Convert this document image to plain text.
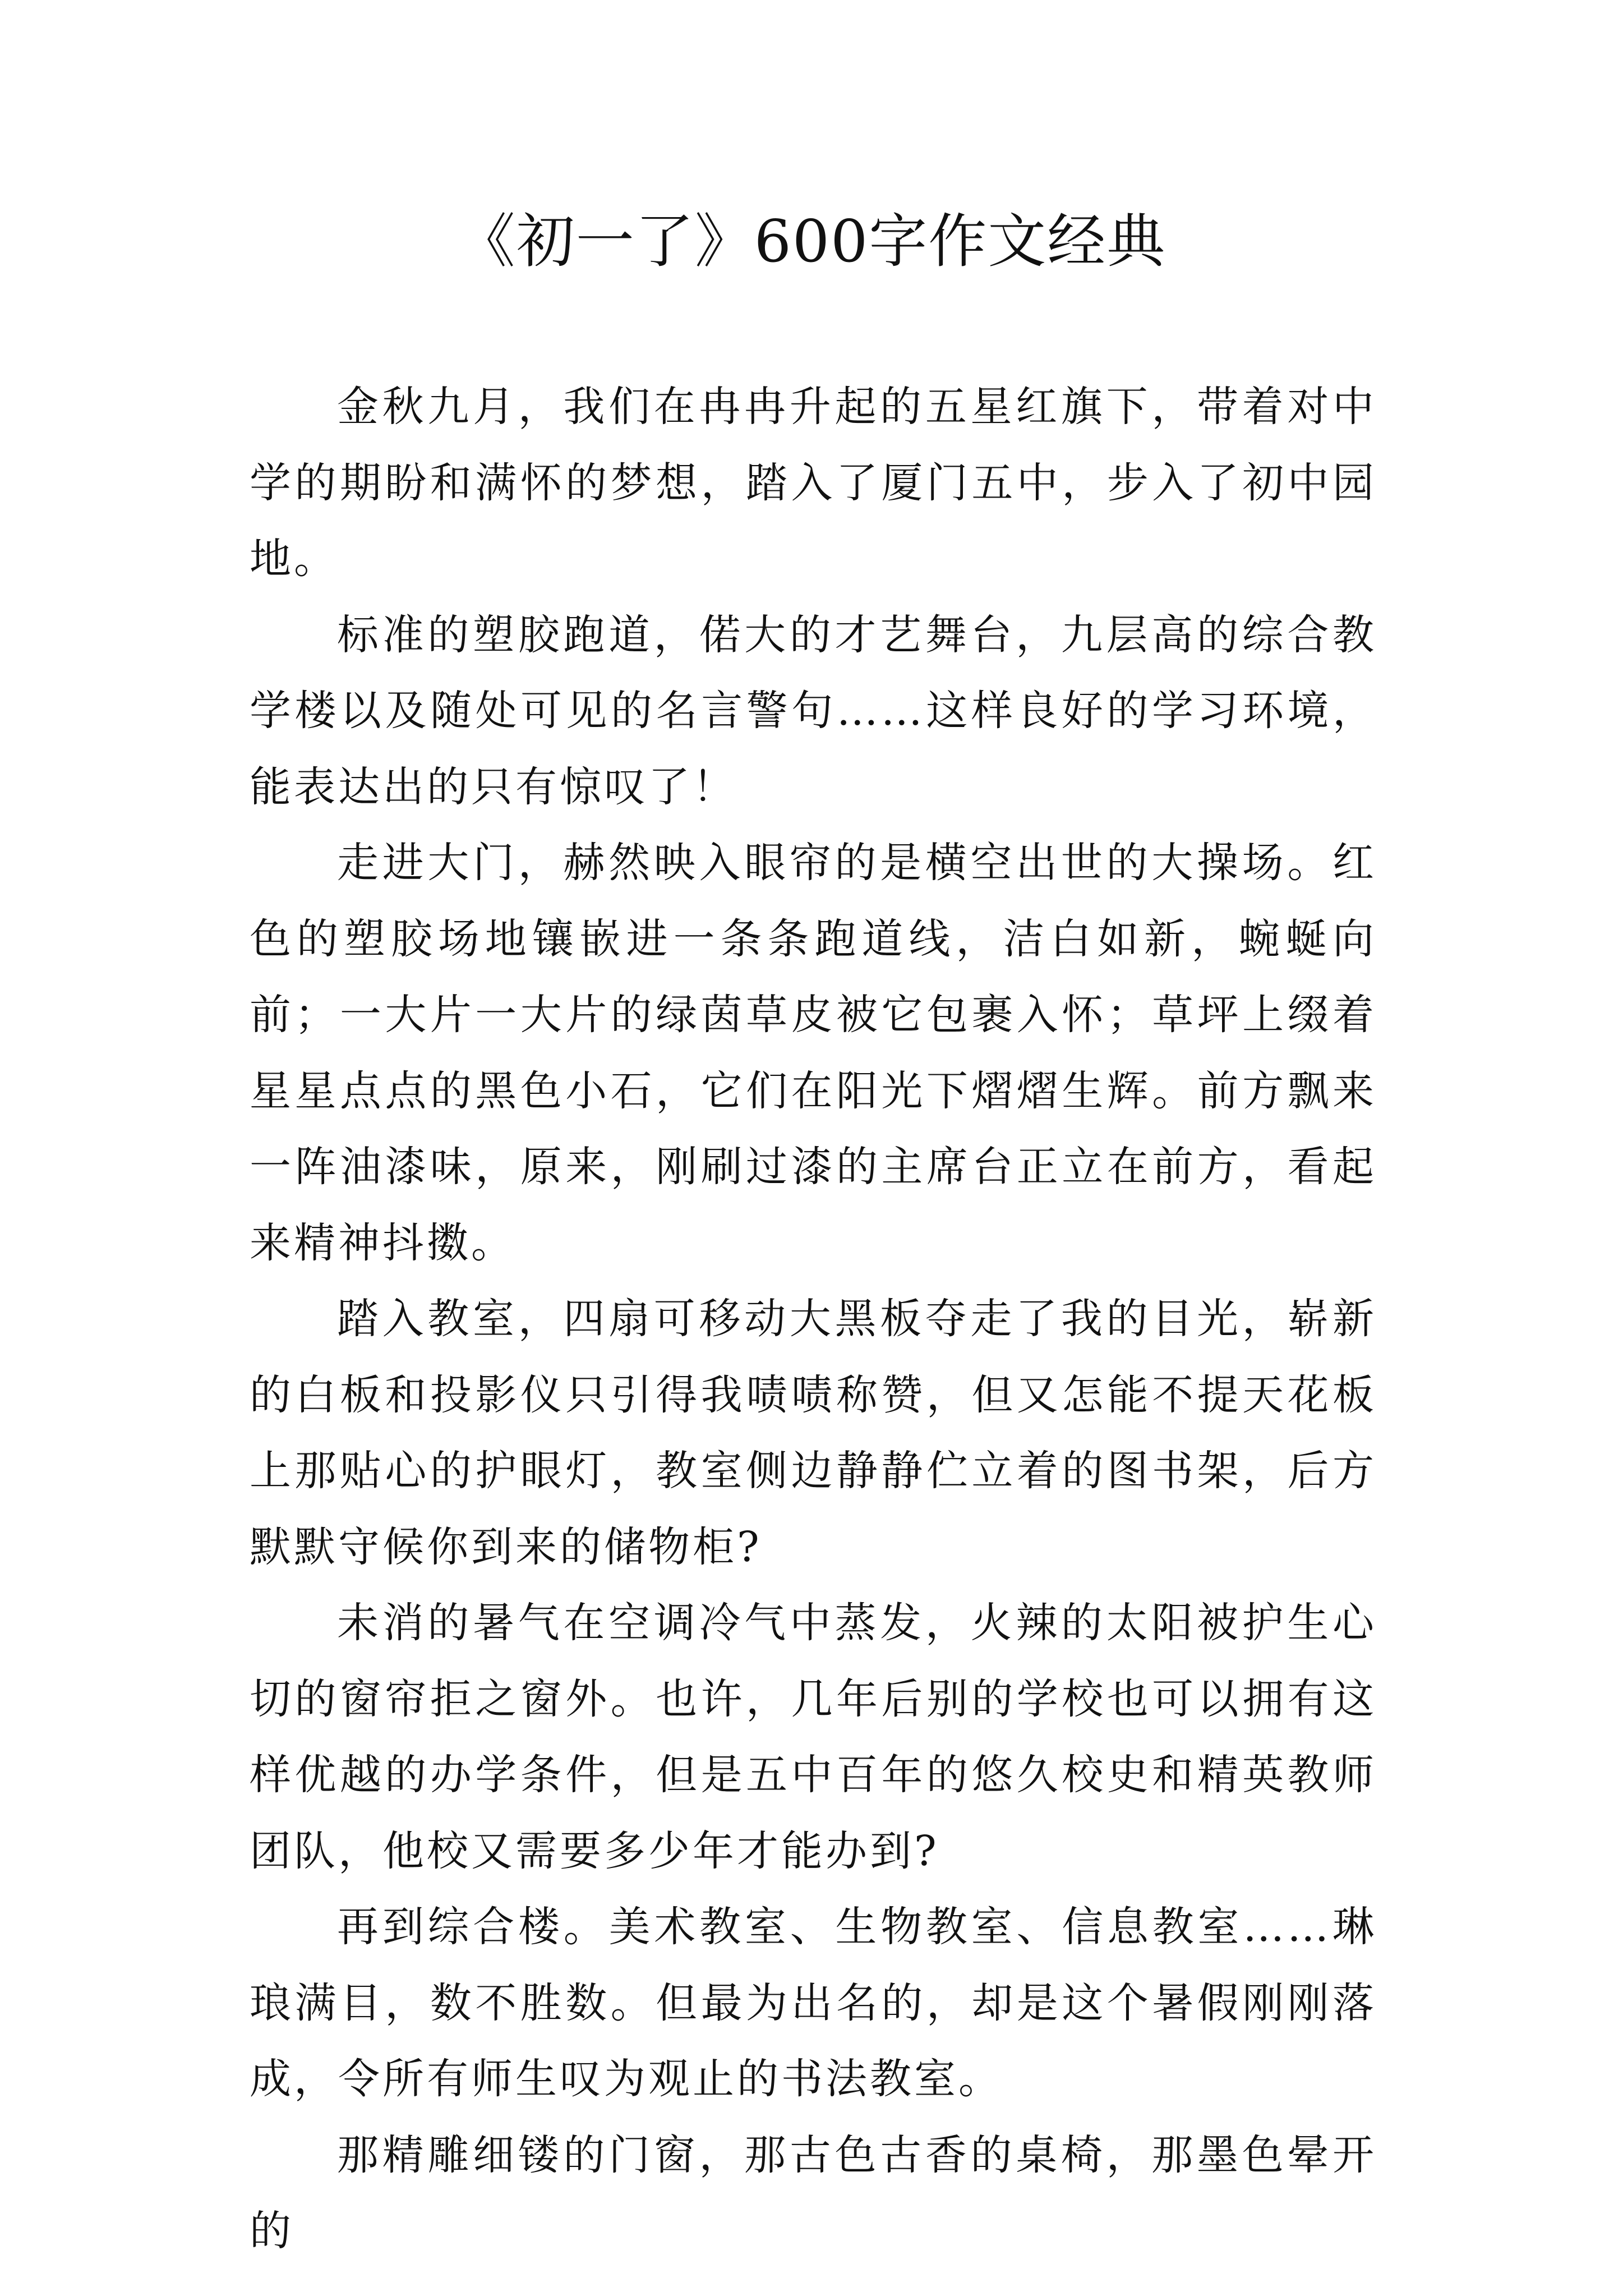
《初一了》600字作文经典

金秋九月，我们在冉冉升起的五星红旗下，带着对中学的期盼和满怀的梦想，踏入了厦门五中，步入了初中园地。

标准的塑胶跑道，偌大的才艺舞台，九层高的综合教学楼以及随处可见的名言警句……这样良好的学习环境，能表达出的只有惊叹了！

走进大门，赫然映入眼帘的是横空出世的大操场。红色的塑胶场地镶嵌进一条条跑道线，洁白如新，蜿蜒向前；一大片一大片的绿茵草皮被它包裹入怀；草坪上缀着星星点点的黑色小石，它们在阳光下熠熠生辉。前方飘来一阵油漆味，原来，刚刷过漆的主席台正立在前方，看起来精神抖擞。

踏入教室，四扇可移动大黑板夺走了我的目光，崭新的白板和投影仪只引得我啧啧称赞，但又怎能不提天花板上那贴心的护眼灯，教室侧边静静伫立着的图书架，后方默默守候你到来的储物柜?

未消的暑气在空调冷气中蒸发，火辣的太阳被护生心切的窗帘拒之窗外。也许，几年后别的学校也可以拥有这样优越的办学条件，但是五中百年的悠久校史和精英教师团队，他校又需要多少年才能办到?

再到综合楼。美术教室、生物教室、信息教室……琳琅满目，数不胜数。但最为出名的，却是这个暑假刚刚落成，令所有师生叹为观止的书法教室。

那精雕细镂的门窗，那古色古香的桌椅，那墨色晕开的
